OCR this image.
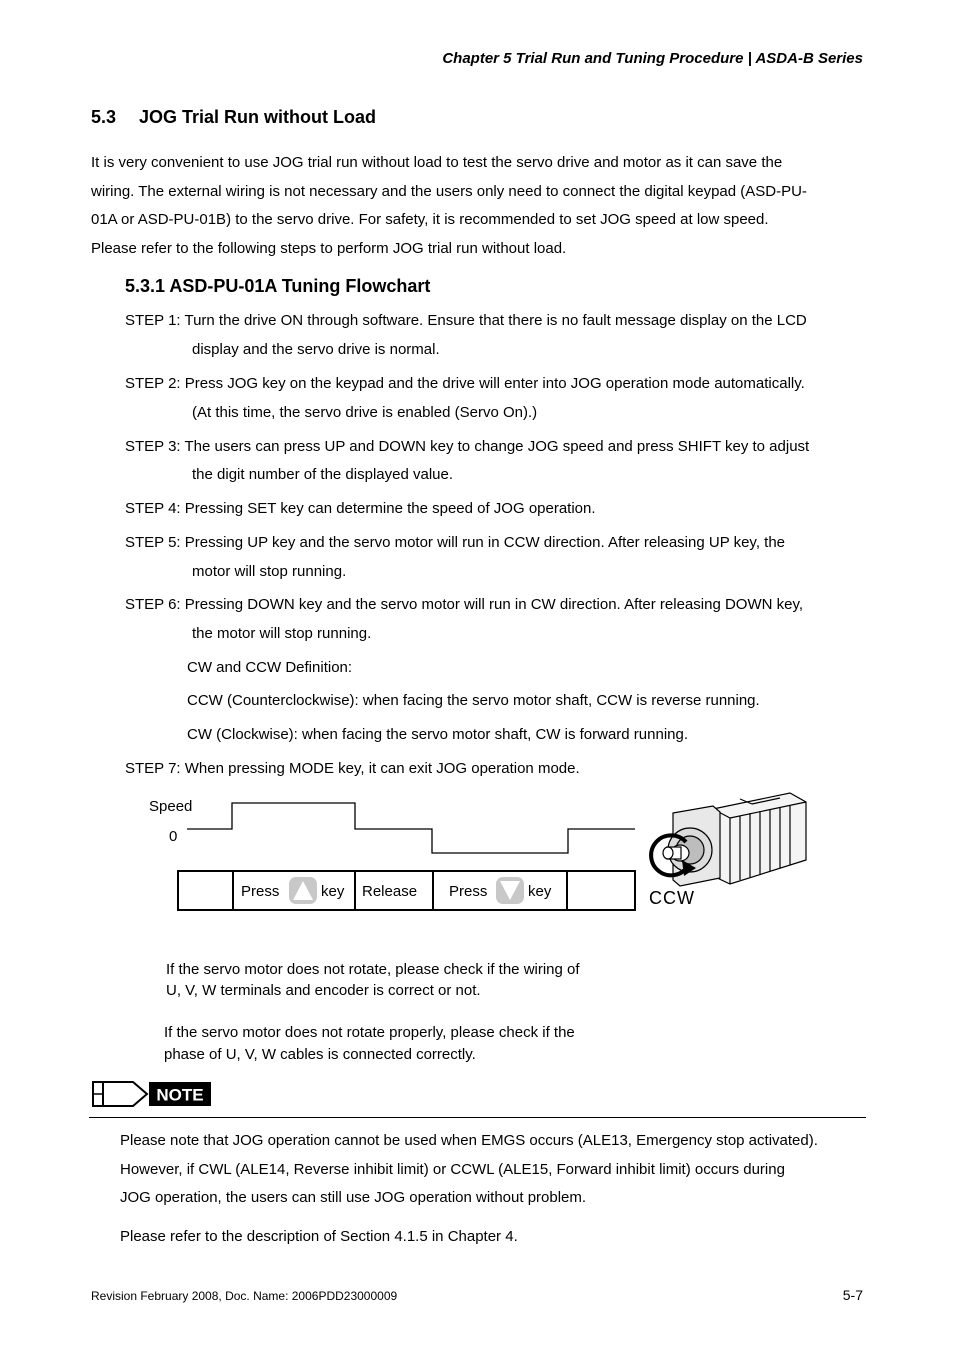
Chapter 5 Trial Run and Tuning Procedure | ASDA-B Series
5.3 JOG Trial Run without Load
It is very convenient to use JOG trial run without load to test the servo drive and motor as it can save the
wiring. The external wiring is not necessary and the users only need to connect the digital keypad (ASD-PU-
01A or ASD-PU-01B) to the servo drive. For safety, it is recommended to set JOG speed at low speed.
Please refer to the following steps to perform JOG trial run without load.
5.3.1 ASD-PU-01A Tuning Flowchart
STEP 1: Turn the drive ON through software. Ensure that there is no fault message display on the LCD
display and the servo drive is normal.
STEP 2: Press JOG key on the keypad and the drive will enter into JOG operation mode automatically.
(At this time, the servo drive is enabled (Servo On).)
STEP 3: The users can press UP and DOWN key to change JOG speed and press SHIFT key to adjust
the digit number of the displayed value.
STEP 4: Pressing SET key can determine the speed of JOG operation.
STEP 5: Pressing UP key and the servo motor will run in CCW direction. After releasing UP key, the
motor will stop running.
STEP 6: Pressing DOWN key and the servo motor will run in CW direction. After releasing DOWN key,
the motor will stop running.
CW and CCW Definition:
CCW (Counterclockwise): when facing the servo motor shaft, CCW is reverse running.
CW (Clockwise): when facing the servo motor shaft, CW is forward running.
STEP 7: When pressing MODE key, it can exit JOG operation mode.
Speed
0
Press	key Release Press	key	CCW
If the servo motor does not rotate, please check if the wiring of
U, V, W terminals and encoder is correct or not.
If the servo motor does not rotate properly, please check if the
phase of U, V, W cables is connected correctly.
NOTE
Please note that JOG operation cannot be used when EMGS occurs (ALE13, Emergency stop activated).
However, if CWL (ALE14, Reverse inhibit limit) or CCWL (ALE15, Forward inhibit limit) occurs during
JOG operation, the users can still use JOG operation without problem.
Please refer to the description of Section 4.1.5 in Chapter 4.
Revision February 2008, Doc. Name: 2006PDD23000009	5-7
